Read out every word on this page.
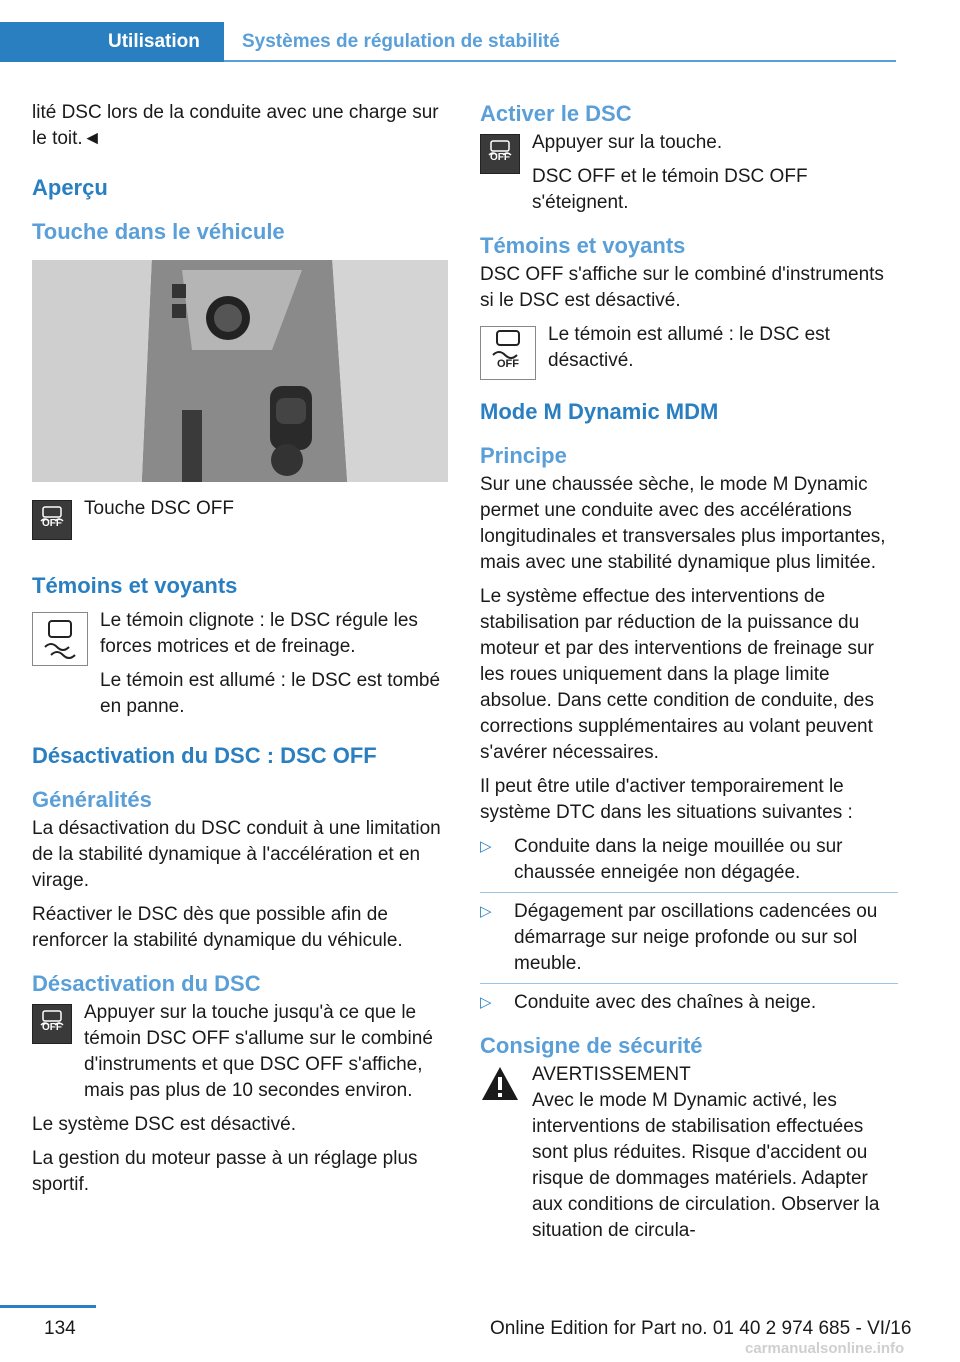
Utilisation Systèmes de régulation de stabilité
lité DSC lors de la conduite avec une charge sur le toit.◄
Aperçu
Touche dans le véhicule
OFF
Touche DSC OFF
Témoins et voyants
Le témoin clignote : le DSC régule les forces motrices et de freinage.
Le témoin est allumé : le DSC est tombé en panne.
Désactivation du DSC : DSC OFF
Généralités
La désactivation du DSC conduit à une limitation de la stabilité dynamique à l'accélération et en virage.
Réactiver le DSC dès que possible afin de renforcer la stabilité dynamique du véhicule.
Désactivation du DSC
OFF
Appuyer sur la touche jusqu'à ce que le témoin DSC OFF s'allume sur le combiné d'instruments et que DSC OFF s'affiche, mais pas plus de 10 secondes environ.
Le système DSC est désactivé.
La gestion du moteur passe à un réglage plus sportif.
Activer le DSC
OFF
Appuyer sur la touche.
DSC OFF et le témoin DSC OFF s'éteignent.
Témoins et voyants
DSC OFF s'affiche sur le combiné d'instruments si le DSC est désactivé.
OFF
Le témoin est allumé : le DSC est désactivé.
Mode M Dynamic MDM
Principe
Sur une chaussée sèche, le mode M Dynamic permet une conduite avec des accélérations longitudinales et transversales plus importantes, mais avec une stabilité dynamique plus limitée.
Le système effectue des interventions de stabilisation par réduction de la puissance du moteur et par des interventions de freinage sur les roues uniquement dans la plage limite absolue. Dans cette condition de conduite, des corrections supplémentaires au volant peuvent s'avérer nécessaires.
Il peut être utile d'activer temporairement le système DTC dans les situations suivantes :
▷ Conduite dans la neige mouillée ou sur chaussée enneigée non dégagée.
▷ Dégagement par oscillations cadencées ou démarrage sur neige profonde ou sur sol meuble.
▷ Conduite avec des chaînes à neige.
Consigne de sécurité
AVERTISSEMENT
Avec le mode M Dynamic activé, les interventions de stabilisation effectuées sont plus réduites. Risque d'accident ou risque de dommages matériels. Adapter aux conditions de circulation. Observer la situation de circula-
134	Online Edition for Part no. 01 40 2 974 685 - VI/16
carmanualsonline.info
